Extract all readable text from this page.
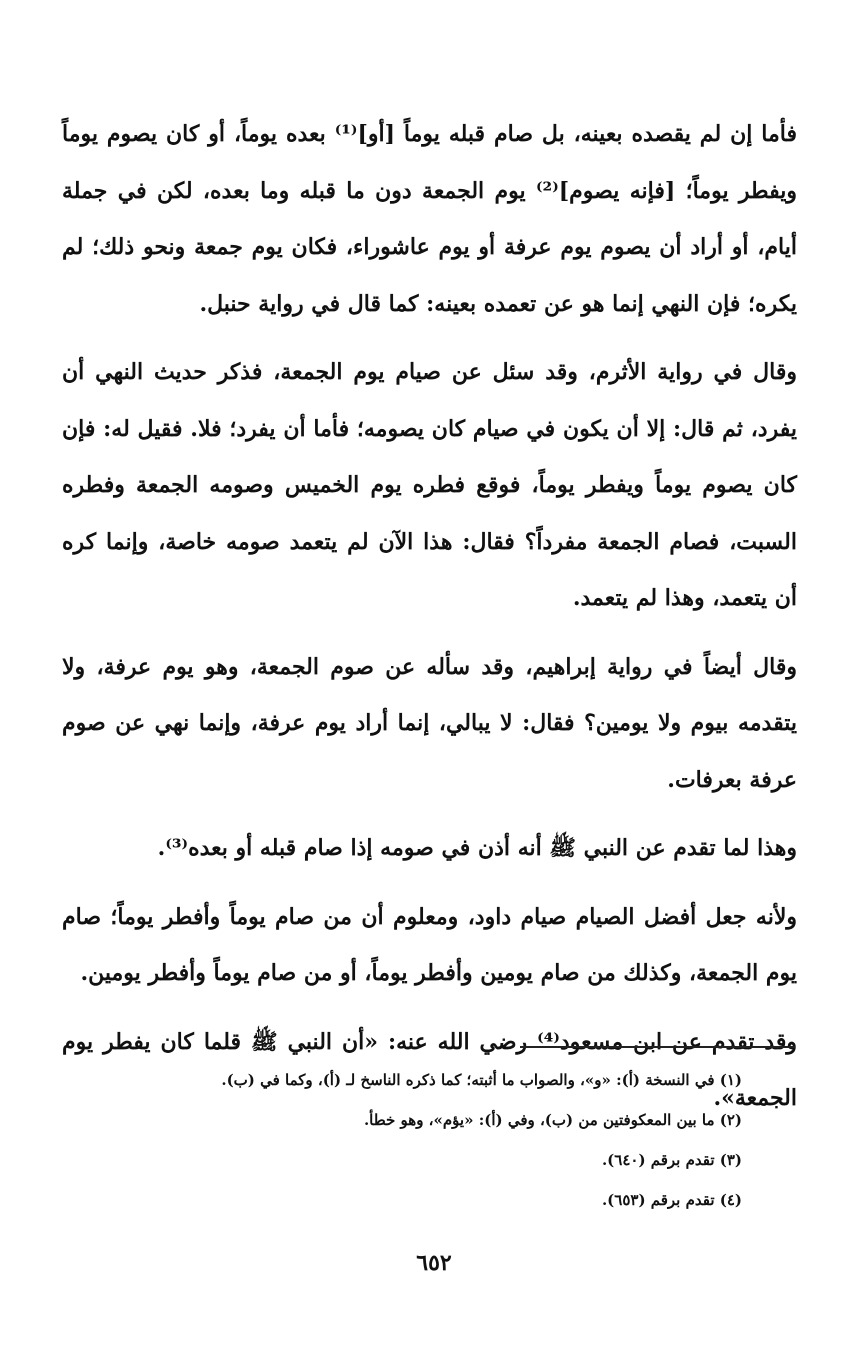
فأما إن لم يقصده بعينه، بل صام قبله يوماً [أو]⁽¹⁾ بعده يوماً، أو كان يصوم يوماً ويفطر يوماً؛ [فإنه يصوم]⁽²⁾ يوم الجمعة دون ما قبله وما بعده، لكن في جملة أيام، أو أراد أن يصوم يوم عرفة أو يوم عاشوراء، فكان يوم جمعة ونحو ذلك؛ لم يكره؛ فإن النهي إنما هو عن تعمده بعينه: كما قال في رواية حنبل.

وقال في رواية الأثرم، وقد سئل عن صيام يوم الجمعة، فذكر حديث النهي أن يفرد، ثم قال: إلا أن يكون في صيام كان يصومه؛ فأما أن يفرد؛ فلا. فقيل له: فإن كان يصوم يوماً ويفطر يوماً، فوقع فطره يوم الخميس وصومه الجمعة وفطره السبت، فصام الجمعة مفرداً؟ فقال: هذا الآن لم يتعمد صومه خاصة، وإنما كره أن يتعمد، وهذا لم يتعمد.

وقال أيضاً في رواية إبراهيم، وقد سأله عن صوم الجمعة، وهو يوم عرفة، ولا يتقدمه بيوم ولا يومين؟ فقال: لا يبالي، إنما أراد يوم عرفة، وإنما نهي عن صوم عرفة بعرفات.

وهذا لما تقدم عن النبي ﷺ أنه أذن في صومه إذا صام قبله أو بعده⁽³⁾.

ولأنه جعل أفضل الصيام صيام داود، ومعلوم أن من صام يوماً وأفطر يوماً؛ صام يوم الجمعة، وكذلك من صام يومين وأفطر يوماً، أو من صام يوماً وأفطر يومين.

وقد تقدم عن ابن مسعود⁽⁴⁾ رضي الله عنه: «أن النبي ﷺ قلما كان يفطر يوم الجمعة».

(١) في النسخة (أ): «و»، والصواب ما أثبته؛ كما ذكره الناسخ لـ (أ)، وكما في (ب).

(٢) ما بين المعكوفتين من (ب)، وفي (أ): «يؤم»، وهو خطأ.

(٣) تقدم برقم (٦٤٠).

(٤) تقدم برقم (٦٥٣).

٦٥٢
